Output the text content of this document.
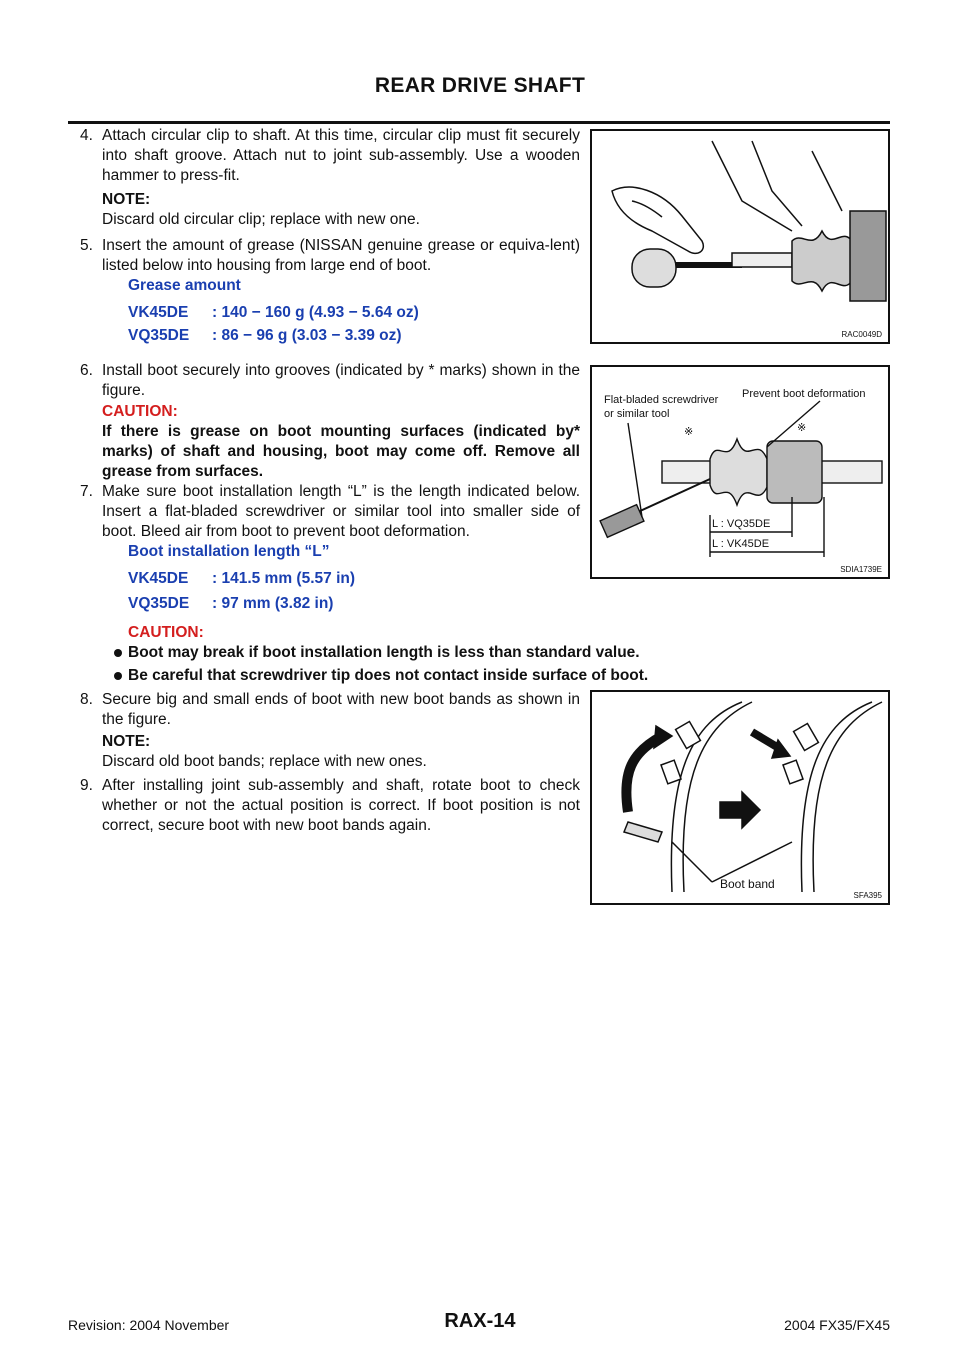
REAR DRIVE SHAFT
4. Attach circular clip to shaft. At this time, circular clip must fit securely into shaft groove. Attach nut to joint sub-assembly. Use a wooden hammer to press-fit.
NOTE:
Discard old circular clip; replace with new one.
5. Insert the amount of grease (NISSAN genuine grease or equiva-lent) listed below into housing from large end of boot.
Grease amount
VK45DE : 140 − 160 g (4.93 − 5.64 oz)
VQ35DE : 86 − 96 g (3.03 − 3.39 oz)
6. Install boot securely into grooves (indicated by * marks) shown in the figure.
CAUTION:
If there is grease on boot mounting surfaces (indicated by* marks) of shaft and housing, boot may come off. Remove all grease from surfaces.
7. Make sure boot installation length “L” is the length indicated below. Insert a flat-bladed screwdriver or similar tool into smaller side of boot. Bleed air from boot to prevent boot deformation.
Boot installation length “L”
VK45DE : 141.5 mm (5.57 in)
VQ35DE : 97 mm (3.82 in)
CAUTION:
Boot may break if boot installation length is less than standard value.
Be careful that screwdriver tip does not contact inside surface of boot.
8. Secure big and small ends of boot with new boot bands as shown in the figure.
NOTE:
Discard old boot bands; replace with new ones.
9. After installing joint sub-assembly and shaft, rotate boot to check whether or not the actual position is correct. If boot position is not correct, secure boot with new boot bands again.
RAC0049D
Flat-bladed screwdriver
or similar tool
Prevent boot deformation
※	※
L : VQ35DE
L : VK45DE
SDIA1739E
Boot band
SFA395
Revision: 2004 November	RAX-14	2004 FX35/FX45
